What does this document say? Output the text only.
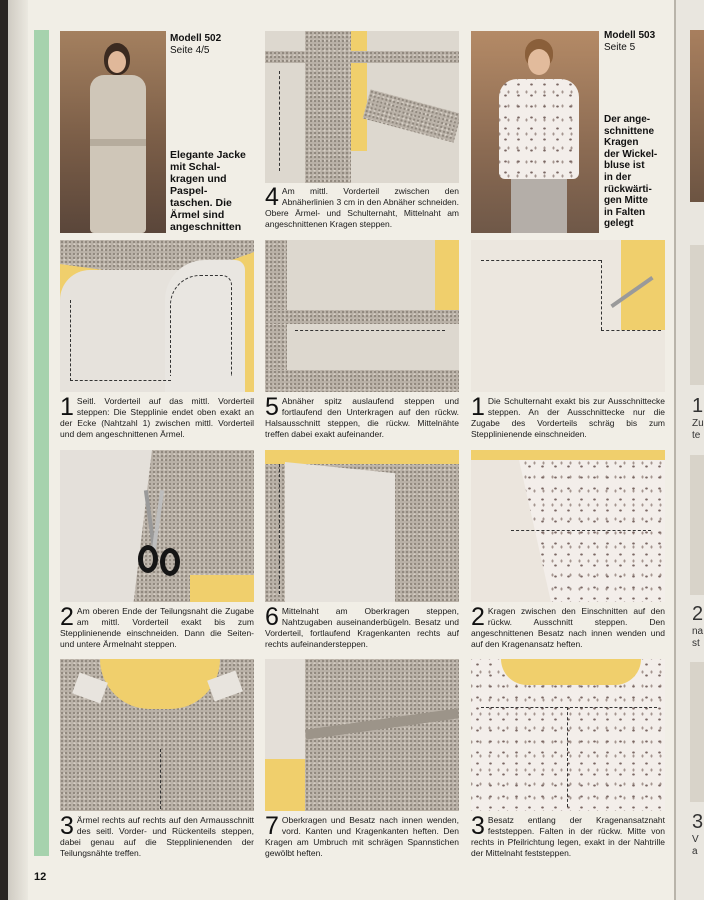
Modell 502
Seite 4/5
Elegante Jacke
mit Schal-
kragen und
Paspel-
taschen. Die
Ärmel sind
angeschnitten
1 Seitl. Vorderteil auf das mittl. Vorderteil steppen: Die Stepplinie endet oben exakt an der Ecke (Nahtzahl 1) zwischen mittl. Vorderteil und dem angeschnittenen Ärmel.
2 Am oberen Ende der Teilungsnaht die Zugabe am mittl. Vorderteil exakt bis zum Stepplinienende einschneiden. Dann die Seiten- und untere Ärmelnaht steppen.
3 Ärmel rechts auf rechts auf den Armausschnitt des seitl. Vorder- und Rückenteils steppen, dabei genau auf die Stepplinienenden der Teilungsnähte treffen.
4 Am mittl. Vorderteil zwischen den Abnäherlinien 3 cm in den Abnäher schneiden. Obere Ärmel- und Schulternaht, Mittelnaht am angeschnittenen Kragen steppen.
5 Abnäher spitz auslaufend steppen und fortlaufend den Unterkragen auf den rückw. Halsausschnitt steppen, die rückw. Mittelnähte treffen dabei exakt aufeinander.
6 Mittelnaht am Oberkragen steppen, Nahtzugaben auseinanderbügeln. Besatz und Vorderteil, fortlaufend Kragenkanten rechts auf rechts aufeinandersteppen.
7 Oberkragen und Besatz nach innen wenden, vord. Kanten und Kragenkanten heften. Den Kragen am Umbruch mit schrägen Spannstichen gewölbt heften.
Modell 503
Seite 5
Der ange-
schnittene
Kragen
der Wickel-
bluse ist
in der
rückwärti-
gen Mitte
in Falten
gelegt
1 Die Schulternaht exakt bis zur Ausschnittecke steppen. An der Ausschnittecke nur die Zugabe des Vorderteils schräg bis zum Stepplinienende einschneiden.
2 Kragen zwischen den Einschnitten auf den rückw. Ausschnitt steppen. Den angeschnittenen Besatz nach innen wenden und auf den Kragenansatz heften.
3 Besatz entlang der Kragenansatznaht feststeppen. Falten in der rückw. Mitte von rechts in Pfeilrichtung legen, exakt in der Nahtrille der Mittelnaht feststeppen.
12
1
Zu
te
2
na
st
3
V
a
